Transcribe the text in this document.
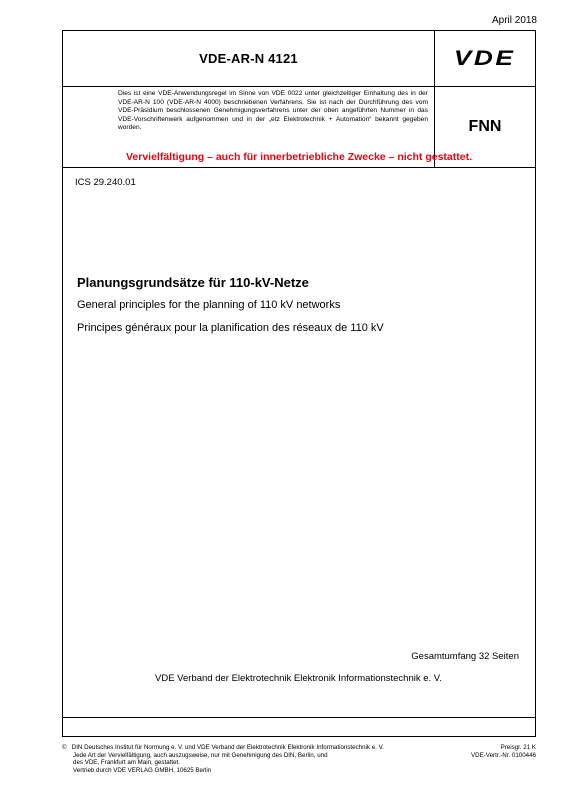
April 2018
VDE-AR-N 4121	VDE

Dies ist eine VDE-Anwendungsregel im Sinne von VDE 0022 unter gleichzeitiger Einhaltung des in der VDE-AR-N 100 (VDE-AR-N 4000) beschriebenen Verfahrens. Sie ist nach der Durchführung des vom VDE-Präsidium beschlossenen Genehmigungsverfahrens unter der oben angeführten Nummer in das VDE-Vorschriftenwerk aufgenommen und in der „etz Elektrotechnik + Automation“ bekannt gegeben worden.	FNN
Vervielfältigung – auch für innerbetriebliche Zwecke – nicht gestattet.
ICS 29.240.01
Planungsgrundsätze für 110-kV-Netze
General principles for the planning of 110 kV networks
Principes généraux pour la planification des réseaux de 110 kV
Gesamtumfang 32 Seiten
VDE Verband der Elektrotechnik Elektronik Informationstechnik e. V.
© DIN Deutsches Institut für Normung e. V. und VDE Verband der Elektrotechnik Elektronik Informationstechnik e. V.
Jede Art der Vervielfältigung, auch auszugsweise, nur mit Genehmigung des DIN, Berlin, und
des VDE, Frankfurt am Main, gestattet.
Vertrieb durch VDE VERLAG GMBH, 10625 Berlin
Preisgr. 21 K
VDE-Vertr.-Nr. 0100446
